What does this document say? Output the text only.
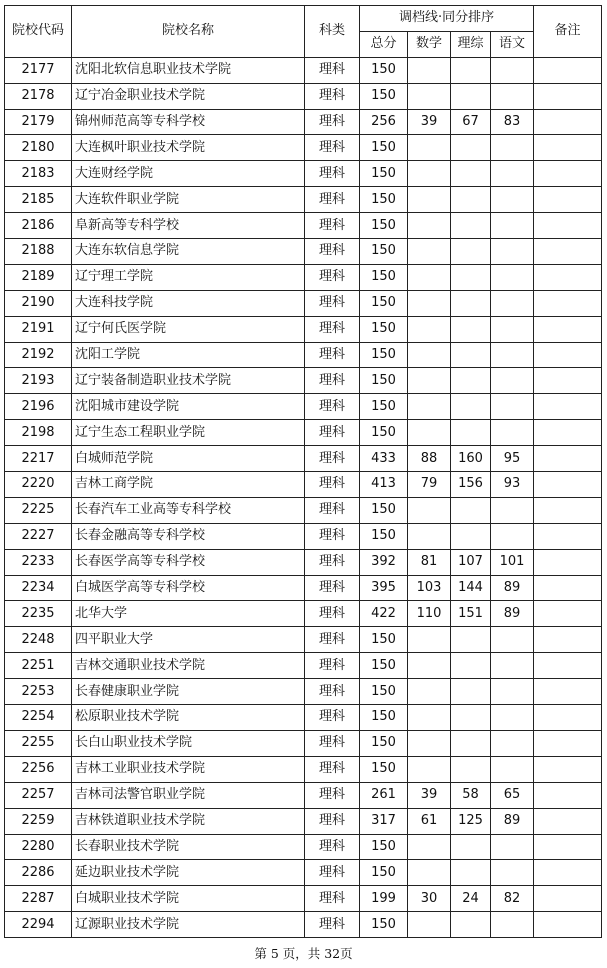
院校代码	院校名称	科类	调档线·同分排序				备注
			总分	数学	理综	语文	
2177	沈阳北软信息职业技术学院	理科	150				
2178	辽宁冶金职业技术学院	理科	150				
2179	锦州师范高等专科学校	理科	256	39	67	83	
2180	大连枫叶职业技术学院	理科	150				
2183	大连财经学院	理科	150				
2185	大连软件职业学院	理科	150				
2186	阜新高等专科学校	理科	150				
2188	大连东软信息学院	理科	150				
2189	辽宁理工学院	理科	150				
2190	大连科技学院	理科	150				
2191	辽宁何氏医学院	理科	150				
2192	沈阳工学院	理科	150				
2193	辽宁装备制造职业技术学院	理科	150				
2196	沈阳城市建设学院	理科	150				
2198	辽宁生态工程职业学院	理科	150				
2217	白城师范学院	理科	433	88	160	95	
2220	吉林工商学院	理科	413	79	156	93	
2225	长春汽车工业高等专科学校	理科	150				
2227	长春金融高等专科学校	理科	150				
2233	长春医学高等专科学校	理科	392	81	107	101	
2234	白城医学高等专科学校	理科	395	103	144	89	
2235	北华大学	理科	422	110	151	89	
2248	四平职业大学	理科	150				
2251	吉林交通职业技术学院	理科	150				
2253	长春健康职业学院	理科	150				
2254	松原职业技术学院	理科	150				
2255	长白山职业技术学院	理科	150				
2256	吉林工业职业技术学院	理科	150				
2257	吉林司法警官职业学院	理科	261	39	58	65	
2259	吉林铁道职业技术学院	理科	317	61	125	89	
2280	长春职业技术学院	理科	150				
2286	延边职业技术学院	理科	150				
2287	白城职业技术学院	理科	199	30	24	82	
2294	辽源职业技术学院	理科	150				
第 5 页，共 32页
